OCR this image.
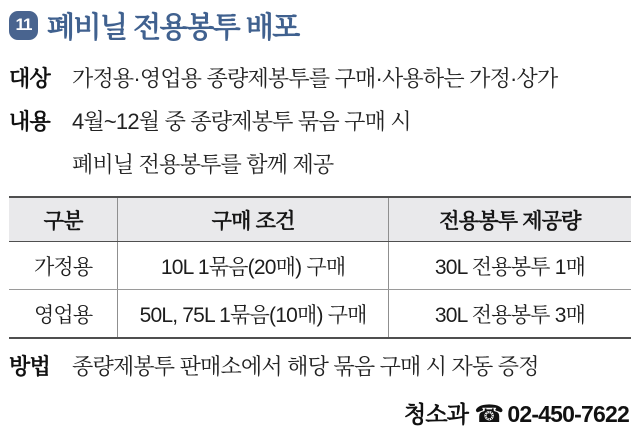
11 폐비닐 전용봉투 배포
대상	가정용·영업용 종량제봉투를 구매·사용하는 가정·상가
내용	4월~12월 중 종량제봉투 묶음 구매 시
폐비닐 전용봉투를 함께 제공
구분	구매 조건	전용봉투 제공량
가정용	10L 1묶음(20매) 구매	30L 전용봉투 1매
영업용	50L, 75L 1묶음(10매) 구매	30L 전용봉투 3매
방법	종량제봉투 판매소에서 해당 묶음 구매 시 자동 증정
청소과 ☎ 02-450-7622
